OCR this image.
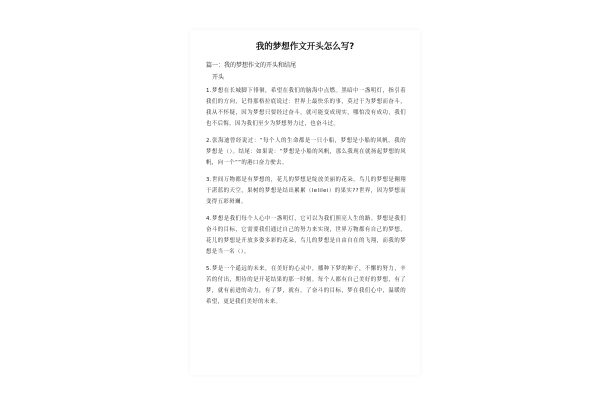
我的梦想作文开头怎么写?
篇一：我的梦想作文的开头和结尾
开头

1.梦想在长城脚下徘徊，希望在我们的脑海中点燃。黑暗中一盏明灯，指引着我们的方向，记得那格拉底说过：世界上最快乐的事，莫过于为梦想而奋斗，我从不怀疑，因为梦想只要经过奋斗，就可能变成现实，哪怕没有成功，我们也不后悔。因为我们至少为梦想努力过，也奋斗过。

2.张海迪曾经说过：“每个人的生命都是一只小船，梦想是小船的风帆。我的梦想是（）。结尾：如果说：“梦想是小船的风帆，那么我现在就扬起梦想的风帆，向一个“”的港口奋力驶去。

3.世间万物都是有梦想的，花儿的梦想是绽放美丽的花朵，鸟儿的梦想是翱翔于湛蓝的天空，果树的梦想是结出累累（lelilei）的果实??世界，因为梦想而变得五彩斑斓。

4.梦想是我们每个人心中一盏明灯，它可以为我们照亮人生的路。梦想是我们奋斗的目标，它需要我们通过自己的努力来实现，世界万物都有自己的梦想，花儿的梦想是开放多姿多彩的花朵，鸟儿的梦想是自由自在的飞翔，而我的梦想是当一名（）。

5.梦是一个遥远的未来，在美好的心灵中，播种下梦的种子，不懈的努力，辛苦的付出，期待的是开花结果的那一时刻。每个人都有自己美好的梦想，有了梦，就有前进的动力，有了梦，就有，了奋斗的目标，梦在我们心中，温暖的希望，更是我们美好的未来。
